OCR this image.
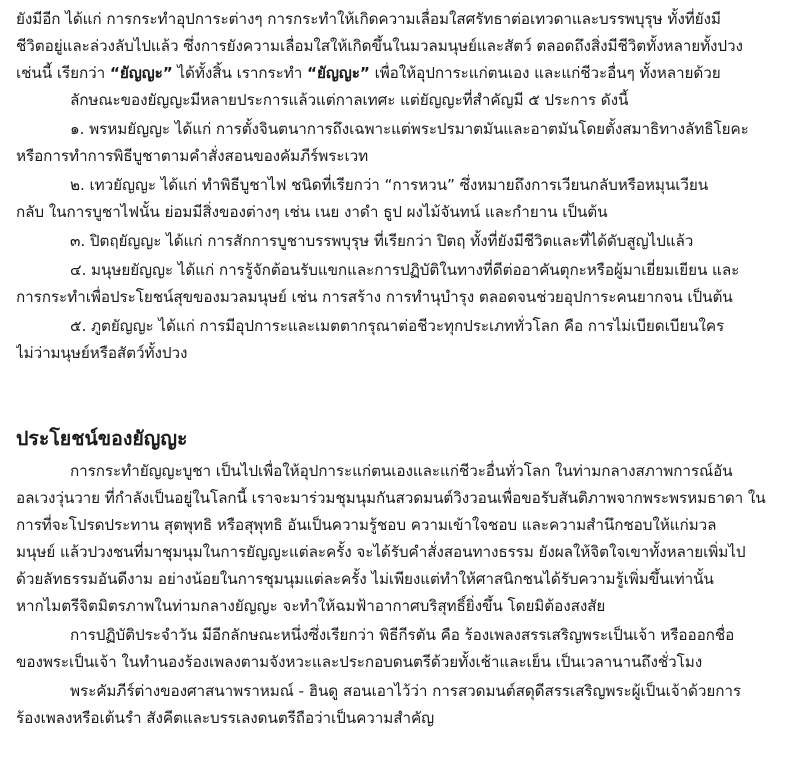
ยังมีอีก ได้แก่ การกระทำอุปการะต่างๆ การกระทำให้เกิดความเลื่อมใสศรัทธาต่อเทวดาและบรรพบุรุษ ทั้งที่ยังมี
ชีวิตอยู่และล่วงลับไปแล้ว ซึ่งการยังความเลื่อมใสให้เกิดขึ้นในมวลมนุษย์และสัตว์ ตลอดถึงสิ่งมีชีวิตทั้งหลายทั้งปวง
เช่นนี้ เรียกว่า “ยัญญะ” ได้ทั้งสิ้น เรากระทำ “ยัญญะ” เพื่อให้อุปการะแก่ตนเอง และแก่ชีวะอื่นๆ ทั้งหลายด้วย
ลักษณะของยัญญะมีหลายประการแล้วแต่กาลเทศะ แต่ยัญญะที่สำคัญมี ๕ ประการ ดังนี้
๑. พรหมยัญญะ ได้แก่ การตั้งจินตนาการถึงเฉพาะแต่พระปรมาตมันและอาตมันโดยตั้งสมาธิทางลัทธิโยคะ
หรือการทำการพิธีบูชาตามคำสั่งสอนของคัมภีร์พระเวท
๒. เทวยัญญะ ได้แก่ ทำพิธีบูชาไฟ ชนิดที่เรียกว่า “การหวน” ซึ่งหมายถึงการเวียนกลับหรือหมุนเวียน
กลับ ในการบูชาไฟนั้น ย่อมมีสิ่งของต่างๆ เช่น เนย งาดำ ธูป ผงไม้จันทน์ และกำยาน เป็นต้น
๓. ปิตฤยัญญะ ได้แก่ การสักการบูชาบรรพบุรุษ ที่เรียกว่า ปิตฤ ทั้งที่ยังมีชีวิตและที่ได้ดับสูญไปแล้ว
๔. มนุษยยัญญะ ได้แก่ การรู้จักต้อนรับแขกและการปฏิบัติในทางที่ดีต่ออาคันตุกะหรือผู้มาเยี่ยมเยียน และ
การกระทำเพื่อประโยชน์สุขของมวลมนุษย์ เช่น การสร้าง การทำนุบำรุง ตลอดจนช่วยอุปการะคนยากจน เป็นต้น
๕. ภูตยัญญะ ได้แก่ การมีอุปการะและเมตตากรุณาต่อชีวะทุกประเภททั่วโลก คือ การไม่เบียดเบียนใคร
ไม่ว่ามนุษย์หรือสัตว์ทั้งปวง
ประโยชน์ของยัญญะ
การกระทำยัญญะบูชา เป็นไปเพื่อให้อุปการะแก่ตนเองและแก่ชีวะอื่นทั่วโลก ในท่ามกลางสภาพการณ์อัน
อลเวงวุ่นวาย ที่กำลังเป็นอยู่ในโลกนี้ เราจะมาร่วมชุมนุมกันสวดมนต์วิงวอนเพื่อขอรับสันติภาพจากพระพรหมธาดา ใน
การที่จะโปรดประทาน สุตพุทธิ หรือสุพุทธิ อันเป็นความรู้ชอบ ความเข้าใจชอบ และความสำนึกชอบให้แก่มวล
มนุษย์ แล้วปวงชนที่มาชุมนุมในการยัญญะแต่ละครั้ง จะได้รับคำสั่งสอนทางธรรม ยังผลให้จิตใจเขาทั้งหลายเพิ่มไป
ด้วยลัทธรรมอันดีงาม อย่างน้อยในการชุมนุมแต่ละครั้ง ไม่เพียงแต่ทำให้ศาสนิกชนได้รับความรู้เพิ่มขึ้นเท่านั้น
หากไมตรีจิตมิตรภาพในท่ามกลางยัญญะ จะทำให้ฉมฟ้าอากาศบริสุทธิ์ยิ่งขึ้น โดยมิต้องสงสัย
การปฏิบัติประจำวัน มีอีกลักษณะหนึ่งซึ่งเรียกว่า พิธีกีรตัน คือ ร้องเพลงสรรเสริญพระเป็นเจ้า หรือออกชื่อ
ของพระเป็นเจ้า ในทำนองร้องเพลงตามจังหวะและประกอบดนตรีด้วยทั้งเช้าและเย็น เป็นเวลานานถึงชั่วโมง
พระคัมภีร์ต่างของศาสนาพราหมณ์ - ฮินดู สอนเอาไว้ว่า การสวดมนต์สดุดีสรรเสริญพระผู้เป็นเจ้าด้วยการ
ร้องเพลงหรือเต้นรำ สังคีตและบรรเลงดนตรีถือว่าเป็นความสำคัญ
